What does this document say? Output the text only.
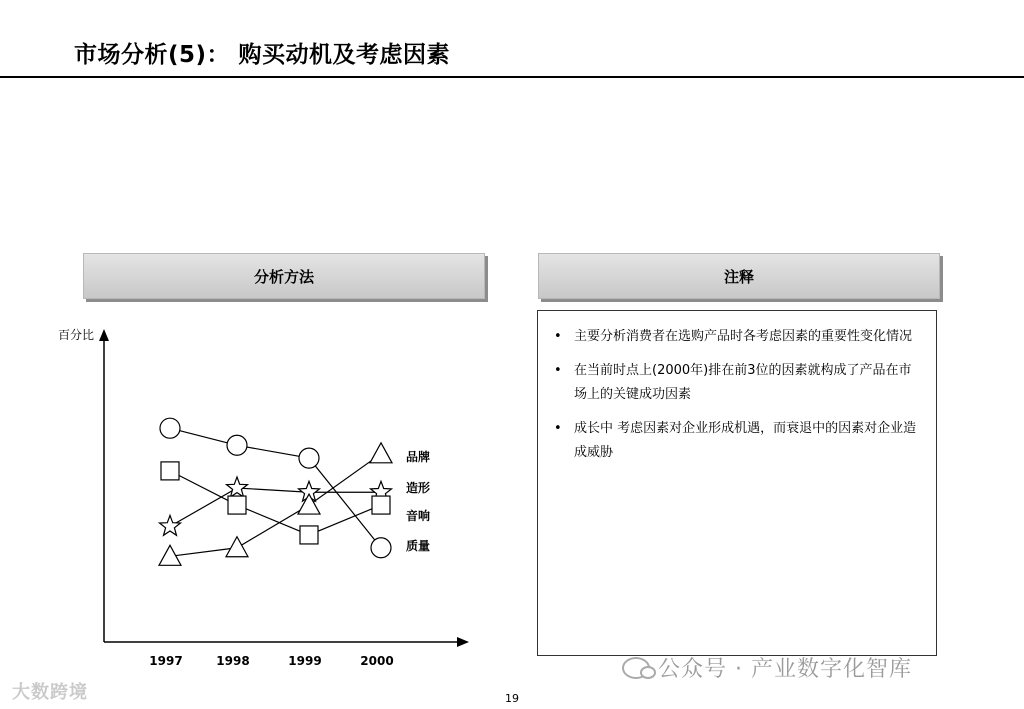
市场分析(5)： 购买动机及考虑因素
分析方法	注释
百分比
1997	1998	1999	2000
品牌
造形
音响
质量
• 主要分析消费者在选购产品时各考虑因素的重要性变化情况
• 在当前时点上(2000年)排在前3位的因素就构成了产品在市场上的关键成功因素
• 成长中 考虑因素对企业形成机遇，而衰退中的因素对企业造成威胁
公众号 · 产业数字化智库
大数跨境	19
